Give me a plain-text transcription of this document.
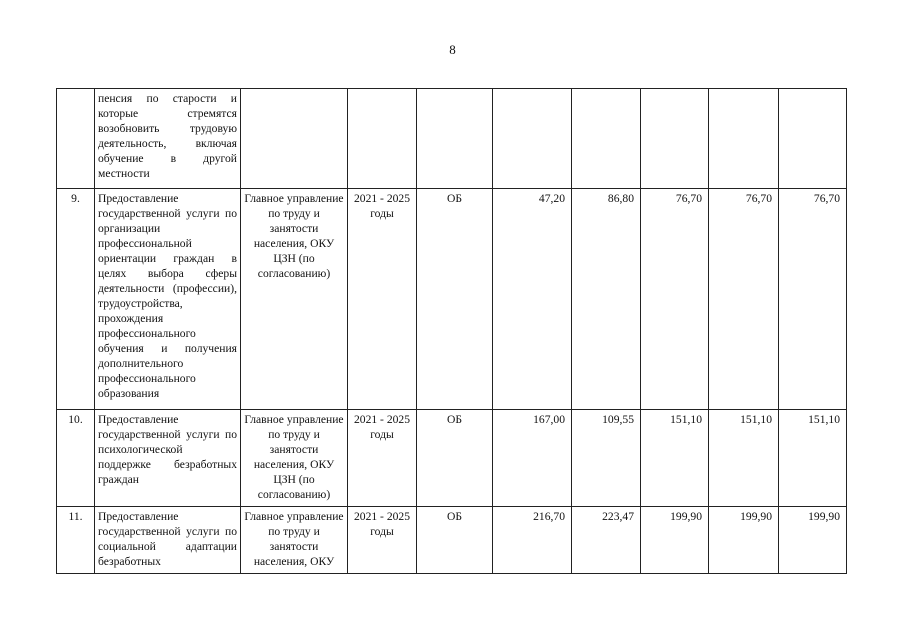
8
	пенсия по старости и которые стремятся возобновить трудовую деятельность, включая обучение в другой местности								
9.	Предоставление государственной услуги по организации профессиональной ориентации граждан в целях выбора сферы деятельности (профессии), трудоустройства, прохождения профессионального обучения и получения дополнительного профессионального образования	Главное управление по труду и занятости населения, ОКУ ЦЗН (по согласованию)	2021 - 2025 годы	ОБ	47,20	86,80	76,70	76,70	76,70
10.	Предоставление государственной услуги по психологической поддержке безработных граждан	Главное управление по труду и занятости населения, ОКУ ЦЗН (по согласованию)	2021 - 2025 годы	ОБ	167,00	109,55	151,10	151,10	151,10
11.	Предоставление государственной услуги по социальной адаптации безработных	Главное управление по труду и занятости населения, ОКУ	2021 - 2025 годы	ОБ	216,70	223,47	199,90	199,90	199,90
